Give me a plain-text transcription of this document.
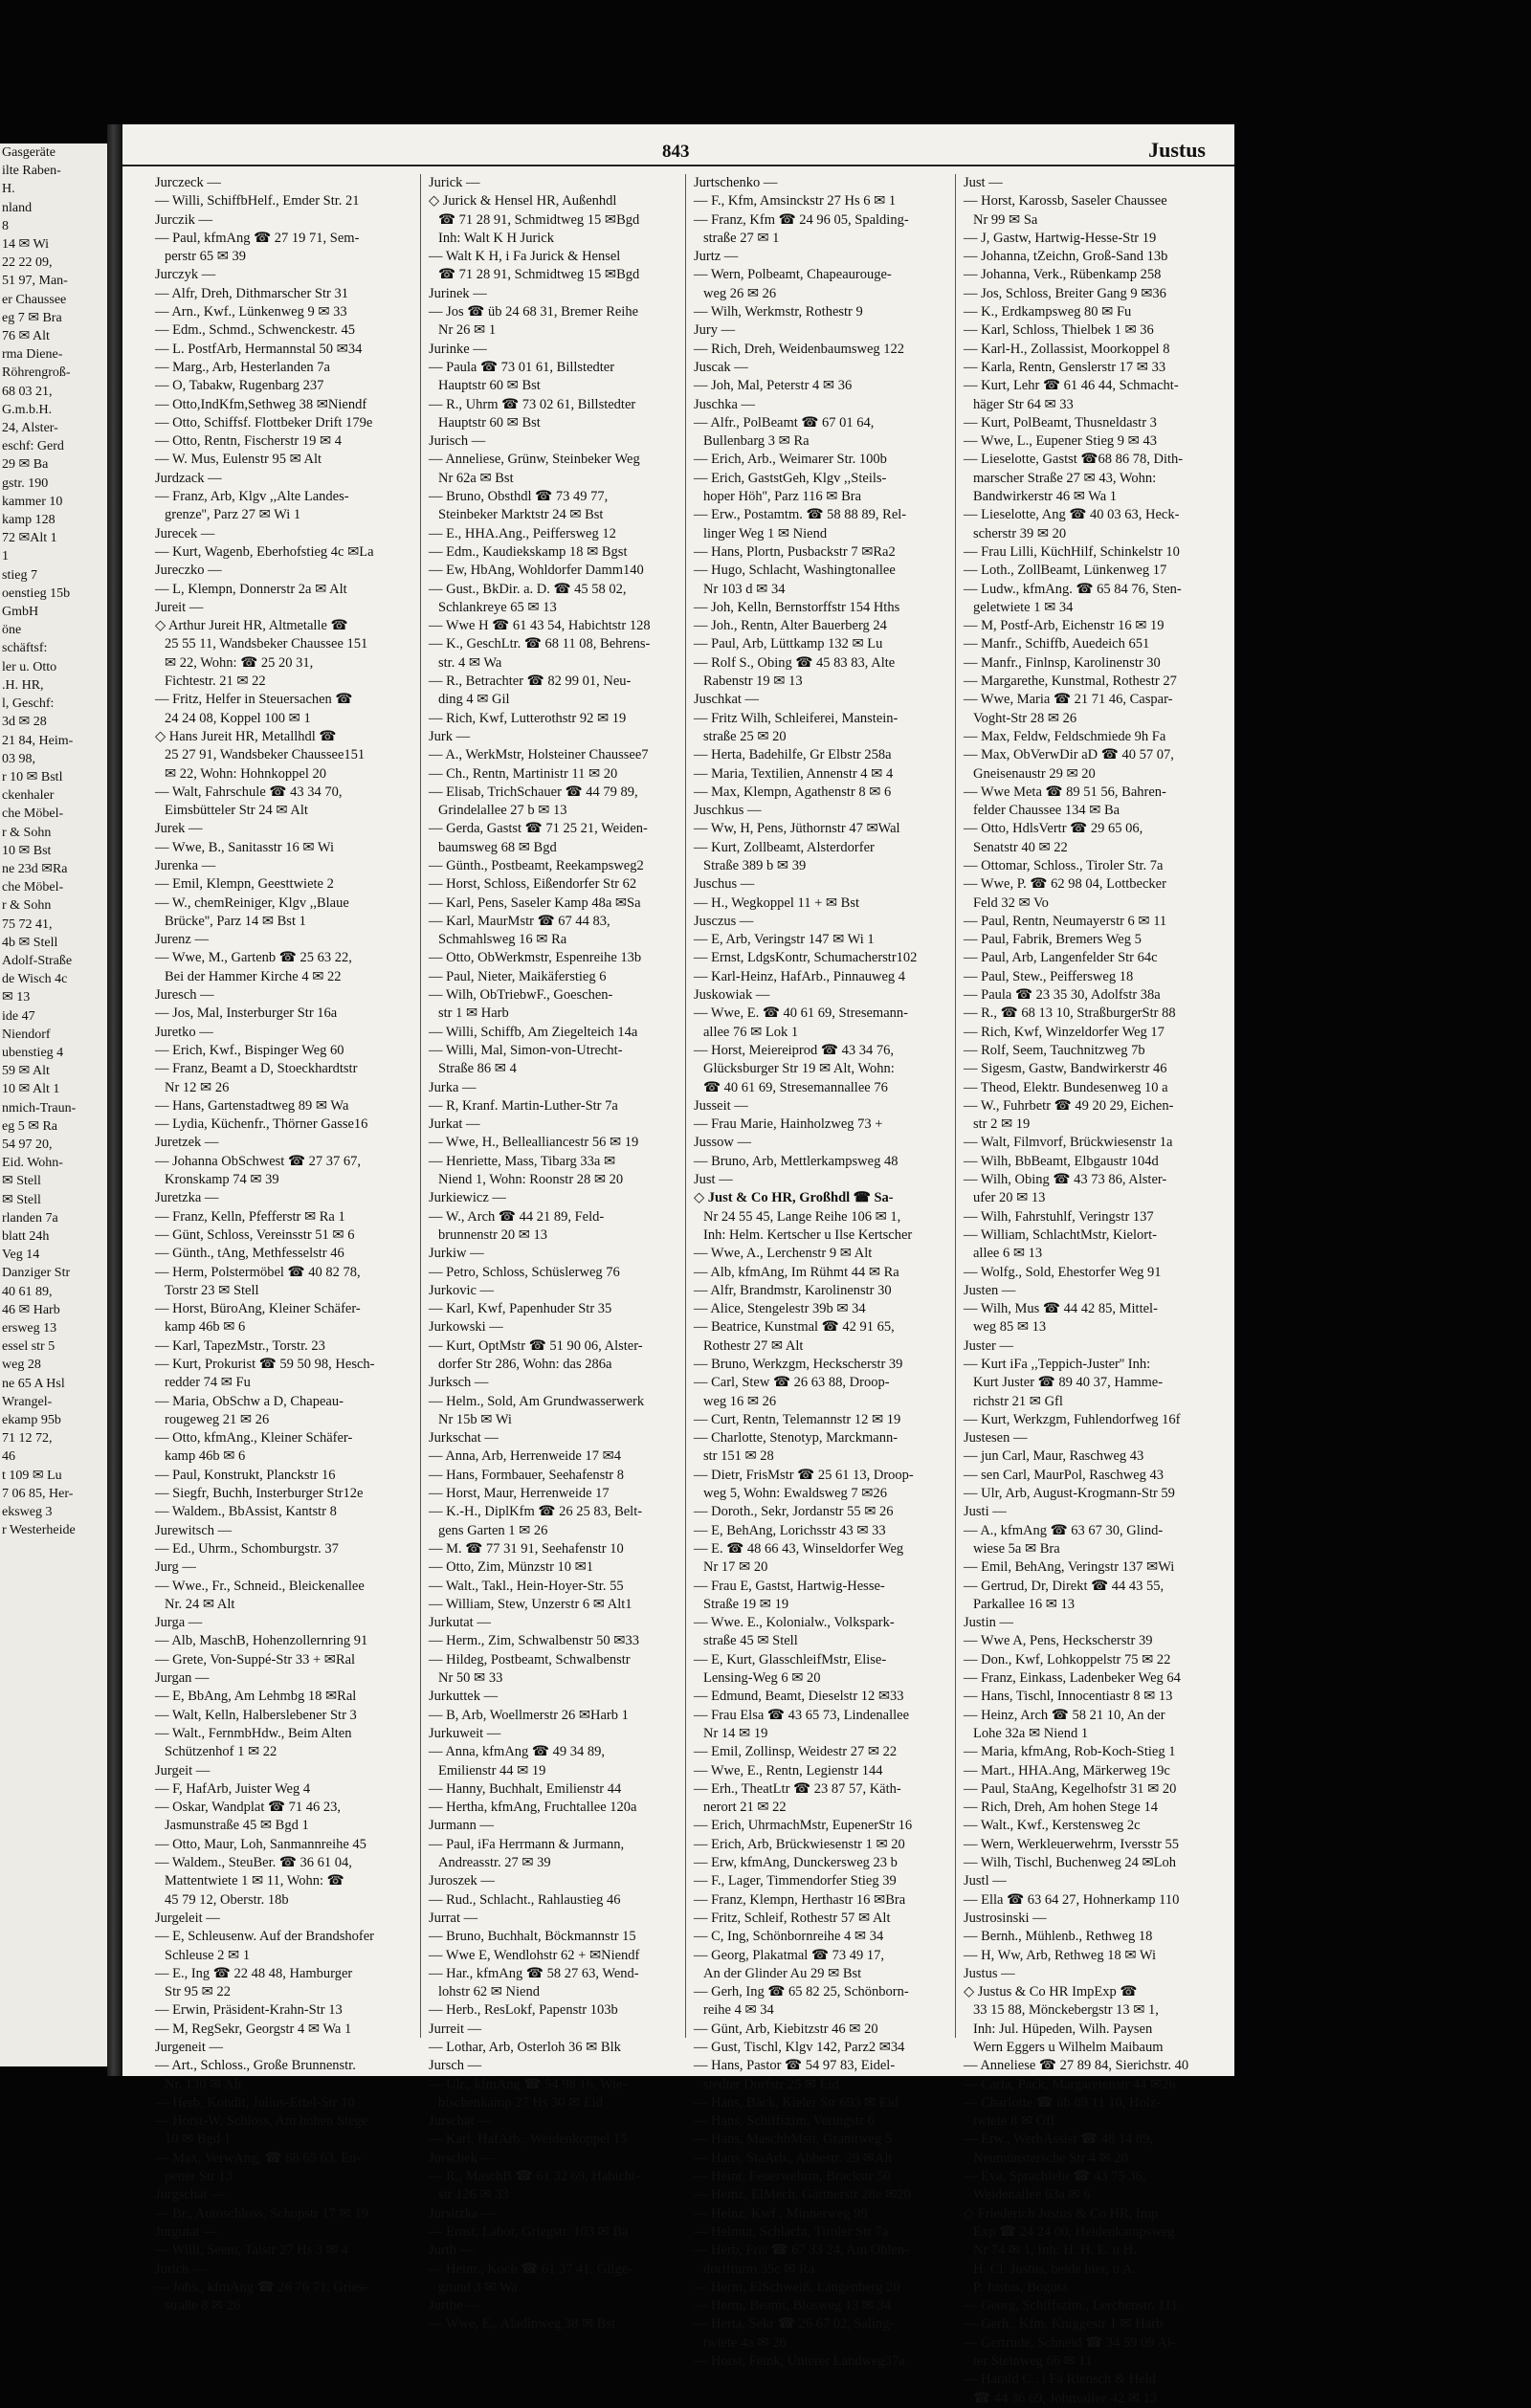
Gasgeräte
ilte Raben-
H.
nland
8
14 ✉ Wi
22 22 09,
51 97, Man-
er Chaussee
eg 7 ✉ Bra
76 ✉ Alt
rma Diene-
Röhrengroß-
68 03 21,
G.m.b.H.
24, Alster-
eschf: Gerd
29 ✉ Ba
gstr. 190
kammer 10
kamp 128
72 ✉Alt 1
1
stieg 7
oenstieg 15b
GmbH
öne
schäftsf:
ler u. Otto
.H. HR,
l, Geschf:
3d ✉ 28
21 84, Heim-
03 98,
r 10 ✉ Bstl
ckenhaler
che Möbel-
r & Sohn
10 ✉ Bst
ne 23d ✉Ra
che Möbel-
r & Sohn
75 72 41,
4b ✉ Stell
Adolf-Straße
de Wisch 4c
✉ 13
ide 47
Niendorf
ubenstieg 4
59 ✉ Alt
10 ✉ Alt 1
nmich-Traun-
eg 5 ✉ Ra
54 97 20,
Eid. Wohn-
✉ Stell
✉ Stell
rlanden 7a
blatt 24h
Veg 14
Danziger Str
40 61 89,
46 ✉ Harb
ersweg 13
essel str 5
weg 28
ne 65 A Hsl
Wrangel-
ekamp 95b
71 12 72,
46
t 109 ✉ Lu
7 06 85, Her-
eksweg 3
r Westerheide
843	Justus
Jurczeck —
— Willi, SchiffbHelf., Emder Str. 21
Jurczik —
— Paul, kfmAng ☎ 27 19 71, Sem-
perstr 65 ✉ 39
Jurczyk —
— Alfr, Dreh, Dithmarscher Str 31
— Arn., Kwf., Lünkenweg 9 ✉ 33
— Edm., Schmd., Schwenckestr. 45
— L. PostfArb, Hermannstal 50 ✉34
— Marg., Arb, Hesterlanden 7a
— O, Tabakw, Rugenbarg 237
— Otto,IndKfm,Sethweg 38 ✉Niendf
— Otto, Schiffsf. Flottbeker Drift 179e
— Otto, Rentn, Fischerstr 19 ✉ 4
— W. Mus, Eulenstr 95 ✉ Alt
Jurdzack —
— Franz, Arb, Klgv ,,Alte Landes-
grenze'', Parz 27 ✉ Wi 1
Jurecek —
— Kurt, Wagenb, Eberhofstieg 4c ✉La
Jureczko —
— L, Klempn, Donnerstr 2a ✉ Alt
Jureit —
◇ Arthur Jureit HR, Altmetalle ☎
25 55 11, Wandsbeker Chaussee 151
✉ 22, Wohn: ☎ 25 20 31,
Fichtestr. 21 ✉ 22
— Fritz, Helfer in Steuersachen ☎
24 24 08, Koppel 100 ✉ 1
◇ Hans Jureit HR, Metallhdl ☎
25 27 91, Wandsbeker Chaussee151
✉ 22, Wohn: Hohnkoppel 20
— Walt, Fahrschule ☎ 43 34 70,
Eimsbütteler Str 24 ✉ Alt
Jurek —
— Wwe, B., Sanitasstr 16 ✉ Wi
Jurenka —
— Emil, Klempn, Geesttwiete 2
— W., chemReiniger, Klgv ,,Blaue
Brücke'', Parz 14 ✉ Bst 1
Jurenz —
— Wwe, M., Gartenb ☎ 25 63 22,
Bei der Hammer Kirche 4 ✉ 22
Juresch —
— Jos, Mal, Insterburger Str 16a
Juretko —
— Erich, Kwf., Bispinger Weg 60
— Franz, Beamt a D, Stoeckhardtstr
Nr 12 ✉ 26
— Hans, Gartenstadtweg 89 ✉ Wa
— Lydia, Küchenfr., Thörner Gasse16
Juretzek —
— Johanna ObSchwest ☎ 27 37 67,
Kronskamp 74 ✉ 39
Juretzka —
— Franz, Kelln, Pfefferstr ✉ Ra 1
— Günt, Schloss, Vereinsstr 51 ✉ 6
— Günth., tAng, Methfesselstr 46
— Herm, Polstermöbel ☎ 40 82 78,
Torstr 23 ✉ Stell
— Horst, BüroAng, Kleiner Schäfer-
kamp 46b ✉ 6
— Karl, TapezMstr., Torstr. 23
— Kurt, Prokurist ☎ 59 50 98, Hesch-
redder 74 ✉ Fu
— Maria, ObSchw a D, Chapeau-
rougeweg 21 ✉ 26
— Otto, kfmAng., Kleiner Schäfer-
kamp 46b ✉ 6
— Paul, Konstrukt, Planckstr 16
— Siegfr, Buchh, Insterburger Str12e
— Waldem., BbAssist, Kantstr 8
Jurewitsch —
— Ed., Uhrm., Schomburgstr. 37
Jurg —
— Wwe., Fr., Schneid., Bleickenallee
Nr. 24 ✉ Alt
Jurga —
— Alb, MaschB, Hohenzollernring 91
— Grete, Von-Suppé-Str 33 + ✉Ral
Jurgan —
— E, BbAng, Am Lehmbg 18 ✉Ral
— Walt, Kelln, Halberslebener Str 3
— Walt., FernmbHdw., Beim Alten
Schützenhof 1 ✉ 22
Jurgeit —
— F, HafArb, Juister Weg 4
— Oskar, Wandplat ☎ 71 46 23,
Jasmunstraße 45 ✉ Bgd 1
— Otto, Maur, Loh, Sanmannreihe 45
— Waldem., SteuBer. ☎ 36 61 04,
Mattentwiete 1 ✉ 11, Wohn: ☎
45 79 12, Oberstr. 18b
Jurgeleit —
— E, Schleusenw. Auf der Brandshofer
Schleuse 2 ✉ 1
— E., Ing ☎ 22 48 48, Hamburger
Str 95 ✉ 22
— Erwin, Präsident-Krahn-Str 13
— M, RegSekr, Georgstr 4 ✉ Wa 1
Jurgeneit —
— Art., Schloss., Große Brunnenstr.
Nr. 130 ✉ Alt
— Herb, Kondit, Julius-Ertel-Str 10
— Horst-W, Schloss, Am hohen Stege
10 ✉ Bgd 1
— Max, VerwAng, ☎ 68 65 63, Eu-
pener Str 13
Jurgschat —
— Br., Autoschloss, Schopstr 17 ✉ 19
Jurgutat —
— Willi, Seem, Talstr 27 Hs 3 ✉ 4
Jurich —
— Johs., kfmAng ☎ 26 76 71, Gries-
straße 8 ✉ 26
Jurick —
◇ Jurick & Hensel HR, Außenhdl
☎ 71 28 91, Schmidtweg 15 ✉Bgd
Inh: Walt K H Jurick
— Walt K H, i Fa Jurick & Hensel
☎ 71 28 91, Schmidtweg 15 ✉Bgd
Jurinek —
— Jos ☎ üb 24 68 31, Bremer Reihe
Nr 26 ✉ 1
Jurinke —
— Paula ☎ 73 01 61, Billstedter
Hauptstr 60 ✉ Bst
— R., Uhrm ☎ 73 02 61, Billstedter
Hauptstr 60 ✉ Bst
Jurisch —
— Anneliese, Grünw, Steinbeker Weg
Nr 62a ✉ Bst
— Bruno, Obsthdl ☎ 73 49 77,
Steinbeker Marktstr 24 ✉ Bst
— E., HHA.Ang., Peiffersweg 12
— Edm., Kaudiekskamp 18 ✉ Bgst
— Ew, HbAng, Wohldorfer Damm140
— Gust., BkDir. a. D. ☎ 45 58 02,
Schlankreye 65 ✉ 13
— Wwe H ☎ 61 43 54, Habichtstr 128
— K., GeschLtr. ☎ 68 11 08, Behrens-
str. 4 ✉ Wa
— R., Betrachter ☎ 82 99 01, Neu-
ding 4 ✉ Gil
— Rich, Kwf, Lutterothstr 92 ✉ 19
Jurk —
— A., WerkMstr, Holsteiner Chaussee7
— Ch., Rentn, Martinistr 11 ✉ 20
— Elisab, TrichSchauer ☎ 44 79 89,
Grindelallee 27 b ✉ 13
— Gerda, Gastst ☎ 71 25 21, Weiden-
baumsweg 68 ✉ Bgd
— Günth., Postbeamt, Reekampsweg2
— Horst, Schloss, Eißendorfer Str 62
— Karl, Pens, Saseler Kamp 48a ✉Sa
— Karl, MaurMstr ☎ 67 44 83,
Schmahlsweg 16 ✉ Ra
— Otto, ObWerkmstr, Espenreihe 13b
— Paul, Nieter, Maikäferstieg 6
— Wilh, ObTriebwF., Goeschen-
str 1 ✉ Harb
— Willi, Schiffb, Am Ziegelteich 14a
— Willi, Mal, Simon-von-Utrecht-
Straße 86 ✉ 4
Jurka —
— R, Kranf. Martin-Luther-Str 7a
Jurkat —
— Wwe, H., Bellealliancestr 56 ✉ 19
— Henriette, Mass, Tibarg 33a ✉
Niend 1, Wohn: Roonstr 28 ✉ 20
Jurkiewicz —
— W., Arch ☎ 44 21 89, Feld-
brunnenstr 20 ✉ 13
Jurkiw —
— Petro, Schloss, Schüslerweg 76
Jurkovic —
— Karl, Kwf, Papenhuder Str 35
Jurkowski —
— Kurt, OptMstr ☎ 51 90 06, Alster-
dorfer Str 286, Wohn: das 286a
Jurksch —
— Helm., Sold, Am Grundwasserwerk
Nr 15b ✉ Wi
Jurkschat —
— Anna, Arb, Herrenweide 17 ✉4
— Hans, Formbauer, Seehafenstr 8
— Horst, Maur, Herrenweide 17
— K.-H., DiplKfm ☎ 26 25 83, Belt-
gens Garten 1 ✉ 26
— M. ☎ 77 31 91, Seehafenstr 10
— Otto, Zim, Münzstr 10 ✉1
— Walt., Takl., Hein-Hoyer-Str. 55
— William, Stew, Unzerstr 6 ✉ Alt1
Jurkutat —
— Herm., Zim, Schwalbenstr 50 ✉33
— Hildeg, Postbeamt, Schwalbenstr
Nr 50 ✉ 33
Jurkuttek —
— B, Arb, Woellmerstr 26 ✉Harb 1
Jurkuweit —
— Anna, kfmAng ☎ 49 34 89,
Emilienstr 44 ✉ 19
— Hanny, Buchhalt, Emilienstr 44
— Hertha, kfmAng, Fruchtallee 120a
Jurmann —
— Paul, iFa Herrmann & Jurmann,
Andreasstr. 27 ✉ 39
Juroszek —
— Rud., Schlacht., Rahlaustieg 46
Jurrat —
— Bruno, Buchhalt, Böckmannstr 15
— Wwe E, Wendlohstr 62 + ✉Niendf
— Har., kfmAng ☎ 58 27 63, Wend-
lohstr 62 ✉ Niend
— Herb., ResLokf, Papenstr 103b
Jurreit —
— Lothar, Arb, Osterloh 36 ✉ Blk
Jursch —
— Ulr., kfmAng ☎ 54 98 16, Wie-
bischenkamp 27 Hs 30 ✉ Eid
Jurschat —
— Karl, HafArb., Weidenkoppel 15
Jurschek —
— R., MaschB ☎ 61 32 69, Habicht-
str 126 ✉ 33
Jursitzka —
— Ernst, Labor, Griegstr. 103 ✉ Ba
Jurth —
— Heinr., Koch ☎ 61 37 41, Gilge-
grund 3 ✉ Wa
Jurthe —
— Wwe, E., Aladinweg 38 ✉ Bst
Jurtschenko —
— F., Kfm, Amsinckstr 27 Hs 6 ✉ 1
— Franz, Kfm ☎ 24 96 05, Spalding-
straße 27 ✉ 1
Jurtz —
— Wern, Polbeamt, Chapeaurouge-
weg 26 ✉ 26
— Wilh, Werkmstr, Rothestr 9
Jury —
— Rich, Dreh, Weidenbaumsweg 122
Juscak —
— Joh, Mal, Peterstr 4 ✉ 36
Juschka —
— Alfr., PolBeamt ☎ 67 01 64,
Bullenbarg 3 ✉ Ra
— Erich, Arb., Weimarer Str. 100b
— Erich, GaststGeh, Klgv ,,Steils-
hoper Höh'', Parz 116 ✉ Bra
— Erw., Postamtm. ☎ 58 88 89, Rel-
linger Weg 1 ✉ Niend
— Hans, Plortn, Pusbackstr 7 ✉Ra2
— Hugo, Schlacht, Washingtonallee
Nr 103 d ✉ 34
— Joh, Kelln, Bernstorffstr 154 Hths
— Joh., Rentn, Alter Bauerberg 24
— Paul, Arb, Lüttkamp 132 ✉ Lu
— Rolf S., Obing ☎ 45 83 83, Alte
Rabenstr 19 ✉ 13
Juschkat —
— Fritz Wilh, Schleiferei, Manstein-
straße 25 ✉ 20
— Herta, Badehilfe, Gr Elbstr 258a
— Maria, Textilien, Annenstr 4 ✉ 4
— Max, Klempn, Agathenstr 8 ✉ 6
Juschkus —
— Ww, H, Pens, Jüthornstr 47 ✉Wal
— Kurt, Zollbeamt, Alsterdorfer
Straße 389 b ✉ 39
Juschus —
— H., Wegkoppel 11 + ✉ Bst
Jusczus —
— E, Arb, Veringstr 147 ✉ Wi 1
— Ernst, LdgsKontr, Schumacherstr102
— Karl-Heinz, HafArb., Pinnauweg 4
Juskowiak —
— Wwe, E. ☎ 40 61 69, Stresemann-
allee 76 ✉ Lok 1
— Horst, Meiereiprod ☎ 43 34 76,
Glücksburger Str 19 ✉ Alt, Wohn:
☎ 40 61 69, Stresemannallee 76
Jusseit —
— Frau Marie, Hainholzweg 73 +
Jussow —
— Bruno, Arb, Mettlerkampsweg 48
Just —
◇ Just & Co HR, Großhdl ☎ Sa-
Nr 24 55 45, Lange Reihe 106 ✉ 1,
Inh: Helm. Kertscher u Ilse Kertscher
— Wwe, A., Lerchenstr 9 ✉ Alt
— Alb, kfmAng, Im Rühmt 44 ✉ Ra
— Alfr, Brandmstr, Karolinenstr 30
— Alice, Stengelestr 39b ✉ 34
— Beatrice, Kunstmal ☎ 42 91 65,
Rothestr 27 ✉ Alt
— Bruno, Werkzgm, Heckscherstr 39
— Carl, Stew ☎ 26 63 88, Droop-
weg 16 ✉ 26
— Curt, Rentn, Telemannstr 12 ✉ 19
— Charlotte, Stenotyp, Marckmann-
str 151 ✉ 28
— Dietr, FrisMstr ☎ 25 61 13, Droop-
weg 5, Wohn: Ewaldsweg 7 ✉26
— Doroth., Sekr, Jordanstr 55 ✉ 26
— E, BehAng, Lorichsstr 43 ✉ 33
— E. ☎ 48 66 43, Winseldorfer Weg
Nr 17 ✉ 20
— Frau E, Gastst, Hartwig-Hesse-
Straße 19 ✉ 19
— Wwe. E., Kolonialw., Volkspark-
straße 45 ✉ Stell
— E, Kurt, GlasschleifMstr, Elise-
Lensing-Weg 6 ✉ 20
— Edmund, Beamt, Dieselstr 12 ✉33
— Frau Elsa ☎ 43 65 73, Lindenallee
Nr 14 ✉ 19
— Emil, Zollinsp, Weidestr 27 ✉ 22
— Wwe, E., Rentn, Legienstr 144
— Erh., TheatLtr ☎ 23 87 57, Käth-
nerort 21 ✉ 22
— Erich, UhrmachMstr, EupenerStr 16
— Erich, Arb, Brückwiesenstr 1 ✉ 20
— Erw, kfmAng, Dunckersweg 23 b
— F., Lager, Timmendorfer Stieg 39
— Franz, Klempn, Herthastr 16 ✉Bra
— Fritz, Schleif, Rothestr 57 ✉ Alt
— C, Ing, Schönbornreihe 4 ✉ 34
— Georg, Plakatmal ☎ 73 49 17,
An der Glinder Au 29 ✉ Bst
— Gerh, Ing ☎ 65 82 25, Schönborn-
reihe 4 ✉ 34
— Günt, Arb, Kiebitzstr 46 ✉ 20
— Gust, Tischl, Klgv 142, Parz2 ✉34
— Hans, Pastor ☎ 54 97 83, Eidel-
stedter Dorfstr 25 ✉ Eid
— Hans, Bäck, Kieler Str 693 ✉ Eid
— Hans, Schiffszim, Veringstr 6
— Hans, MaschbMstr, Granitweg 5
— Hans, StaArb., Abbestr. 29 ✉Alt
— Heinr, Feuerwehrm, Brackstr 50
— Heinz, ElMech, Gärtnerstr 28e ✉20
— Heinz, Kwf., Minnerweg 99
— Helmut, Schlacht, Tiroler Str 7a
— Herb, Fris ☎ 67 33 24, Am Ohlen-
dorffturm 35c ✉ Ra
— Herm, ElSchweiß, Langenberg 20
— Herm, Beamt, Blosweg 13 ✉ 34
— Herta, Sekr ☎ 26 67 02, Saling-
twiete 4a ✉ 26
— Horst, Feink, Unterer Landweg37a
Just —
— Horst, Karossb, Saseler Chaussee
Nr 99 ✉ Sa
— J, Gastw, Hartwig-Hesse-Str 19
— Johanna, tZeichn, Groß-Sand 13b
— Johanna, Verk., Rübenkamp 258
— Jos, Schloss, Breiter Gang 9 ✉36
— K., Erdkampsweg 80 ✉ Fu
— Karl, Schloss, Thielbek 1 ✉ 36
— Karl-H., Zollassist, Moorkoppel 8
— Karla, Rentn, Genslerstr 17 ✉ 33
— Kurt, Lehr ☎ 61 46 44, Schmacht-
häger Str 64 ✉ 33
— Kurt, PolBeamt, Thusneldastr 3
— Wwe, L., Eupener Stieg 9 ✉ 43
— Lieselotte, Gastst ☎68 86 78, Dith-
marscher Straße 27 ✉ 43, Wohn:
Bandwirkerstr 46 ✉ Wa 1
— Lieselotte, Ang ☎ 40 03 63, Heck-
scherstr 39 ✉ 20
— Frau Lilli, KüchHilf, Schinkelstr 10
— Loth., ZollBeamt, Lünkenweg 17
— Ludw., kfmAng. ☎ 65 84 76, Sten-
geletwiete 1 ✉ 34
— M, Postf-Arb, Eichenstr 16 ✉ 19
— Manfr., Schiffb, Auedeich 651
— Manfr., Finlnsp, Karolinenstr 30
— Margarethe, Kunstmal, Rothestr 27
— Wwe, Maria ☎ 21 71 46, Caspar-
Voght-Str 28 ✉ 26
— Max, Feldw, Feldschmiede 9h Fa
— Max, ObVerwDir aD ☎ 40 57 07,
Gneisenaustr 29 ✉ 20
— Wwe Meta ☎ 89 51 56, Bahren-
felder Chaussee 134 ✉ Ba
— Otto, HdlsVertr ☎ 29 65 06,
Senatstr 40 ✉ 22
— Ottomar, Schloss., Tiroler Str. 7a
— Wwe, P. ☎ 62 98 04, Lottbecker
Feld 32 ✉ Vo
— Paul, Rentn, Neumayerstr 6 ✉ 11
— Paul, Fabrik, Bremers Weg 5
— Paul, Arb, Langenfelder Str 64c
— Paul, Stew., Peiffersweg 18
— Paula ☎ 23 35 30, Adolfstr 38a
— R., ☎ 68 13 10, StraßburgerStr 88
— Rich, Kwf, Winzeldorfer Weg 17
— Rolf, Seem, Tauchnitzweg 7b
— Sigesm, Gastw, Bandwirkerstr 46
— Theod, Elektr. Bundesenweg 10 a
— W., Fuhrbetr ☎ 49 20 29, Eichen-
str 2 ✉ 19
— Walt, Filmvorf, Brückwiesenstr 1a
— Wilh, BbBeamt, Elbgaustr 104d
— Wilh, Obing ☎ 43 73 86, Alster-
ufer 20 ✉ 13
— Wilh, Fahrstuhlf, Veringstr 137
— William, SchlachtMstr, Kielort-
allee 6 ✉ 13
— Wolfg., Sold, Ehestorfer Weg 91
Justen —
— Wilh, Mus ☎ 44 42 85, Mittel-
weg 85 ✉ 13
Juster —
— Kurt iFa ,,Teppich-Juster'' Inh:
Kurt Juster ☎ 89 40 37, Hamme-
richstr 21 ✉ Gfl
— Kurt, Werkzgm, Fuhlendorfweg 16f
Justesen —
— jun Carl, Maur, Raschweg 43
— sen Carl, MaurPol, Raschweg 43
— Ulr, Arb, August-Krogmann-Str 59
Justi —
— A., kfmAng ☎ 63 67 30, Glind-
wiese 5a ✉ Bra
— Emil, BehAng, Veringstr 137 ✉Wi
— Gertrud, Dr, Direkt ☎ 44 43 55,
Parkallee 16 ✉ 13
Justin —
— Wwe A, Pens, Heckscherstr 39
— Don., Kwf, Lohkoppelstr 75 ✉ 22
— Franz, Einkass, Ladenbeker Weg 64
— Hans, Tischl, Innocentiastr 8 ✉ 13
— Heinz, Arch ☎ 58 21 10, An der
Lohe 32a ✉ Niend 1
— Maria, kfmAng, Rob-Koch-Stieg 1
— Mart., HHA.Ang, Märkerweg 19c
— Paul, StaAng, Kegelhofstr 31 ✉ 20
— Rich, Dreh, Am hohen Stege 14
— Walt., Kwf., Kerstensweg 2c
— Wern, Werkleuerwehrm, Iversstr 55
— Wilh, Tischl, Buchenweg 24 ✉Loh
Justl —
— Ella ☎ 63 64 27, Hohnerkamp 110
Justrosinski —
— Bernh., Mühlenb., Rethweg 18
— H, Ww, Arb, Rethweg 18 ✉ Wi
Justus —
◇ Justus & Co HR ImpExp ☎
33 15 88, Mönckebergstr 13 ✉ 1,
Inh: Jul. Hüpeden, Wilh. Paysen
Wern Eggers u Wilhelm Maibaum
— Anneliese ☎ 27 89 84, Sierichstr. 40
— Carla, Pack, Margaretenstr 44 ✉26
— Charlotte ☎ üb 89 11 10, Holz-
twiete 8 ✉ Gfl
— Erw., WerbAssist ☎ 48 14 89,
Neumünstersche Str 4 ✉ 20
— Eva, Sprachlehr ☎ 43 75 36,
Weidenallee 63a ✉ 6
◇ Friederich Justus & Co HR, Imp
Exp ☎ 24 24 00, Heidenkampsweg
Nr 74 ✉ 1, Inh: H. H. E. u H.
H. Cl. Justus, beide hier, u A.
P. Justus, Bogota
— Georg, Schiffszim., Lerchenstr. 111
— Gerh., Kfm, Kniggestr 1 ✉ Harb
— Gertrude, Schneid ☎ 34 59 09 Al-
ter Steinweg 66 ✉ 11
— Harald C., i Fa Riensch & Held
☎ 44 36 69, Johnsallee 42 ✉ 13
